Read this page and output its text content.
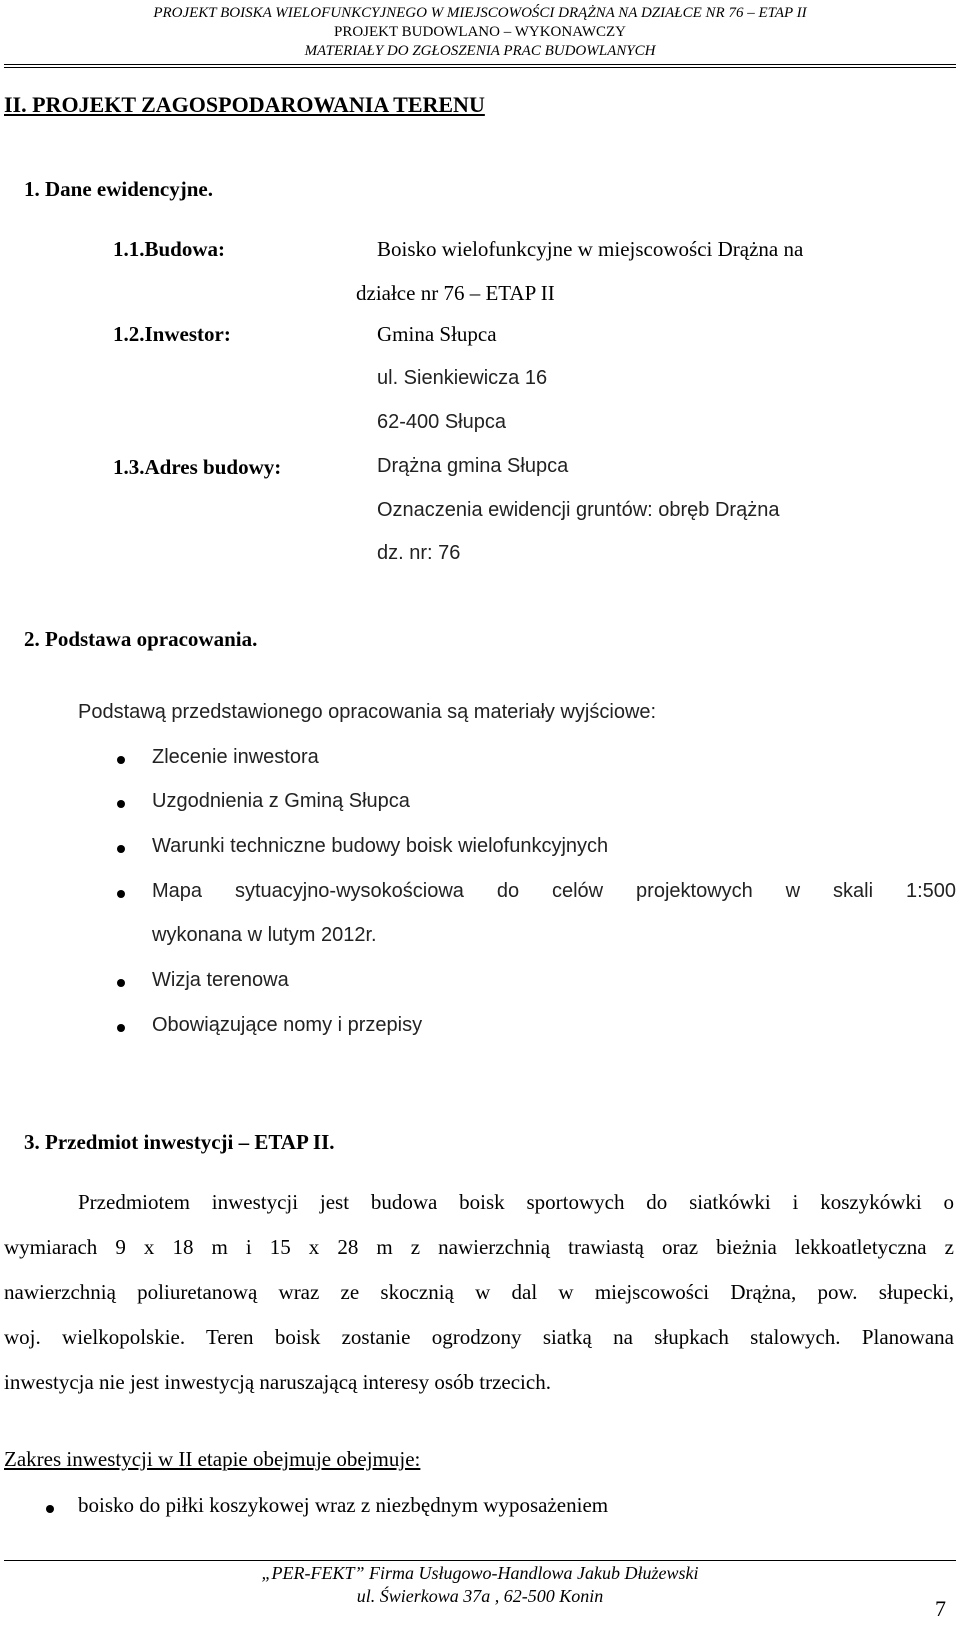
PROJEKT BOISKA WIELOFUNKCYJNEGO W MIEJSCOWOŚCI DRĄŻNA NA DZIAŁCE NR 76 – ETAP II
PROJEKT BUDOWLANO – WYKONAWCZY
MATERIAŁY DO ZGŁOSZENIA PRAC BUDOWLANYCH
II. PROJEKT ZAGOSPODAROWANIA TERENU
1. Dane ewidencyjne.
1.1.Budowa:	Boisko wielofunkcyjne w miejscowości Drążna na
działce nr 76 – ETAP II
1.2.Inwestor:	Gmina Słupca
ul. Sienkiewicza 16
62-400 Słupca
1.3.Adres budowy:	Drążna gmina Słupca
Oznaczenia ewidencji gruntów: obręb Drążna
dz. nr: 76
2. Podstawa opracowania.
Podstawą przedstawionego opracowania są materiały wyjściowe:
Zlecenie inwestora
Uzgodnienia z Gminą Słupca
Warunki techniczne budowy boisk wielofunkcyjnych
Mapa sytuacyjno-wysokościowa do celów projektowych w skali 1:500
wykonana w lutym 2012r.
Wizja terenowa
Obowiązujące nomy i przepisy
3. Przedmiot inwestycji – ETAP II.
Przedmiotem inwestycji jest budowa boisk sportowych do siatkówki i koszykówki o
wymiarach 9 x 18 m i 15 x 28 m z nawierzchnią trawiastą oraz bieżnia lekkoatletyczna z
nawierzchnią poliuretanową wraz ze skocznią w dal w miejscowości Drążna, pow. słupecki,
woj. wielkopolskie. Teren boisk zostanie ogrodzony siatką na słupkach stalowych. Planowana
inwestycja nie jest inwestycją naruszającą interesy osób trzecich.
Zakres inwestycji w II etapie obejmuje obejmuje:
boisko do piłki koszykowej wraz z niezbędnym wyposażeniem
„PER-FEKT” Firma Usługowo-Handlowa Jakub Dłużewski
ul. Świerkowa 37a , 62-500 Konin	7
